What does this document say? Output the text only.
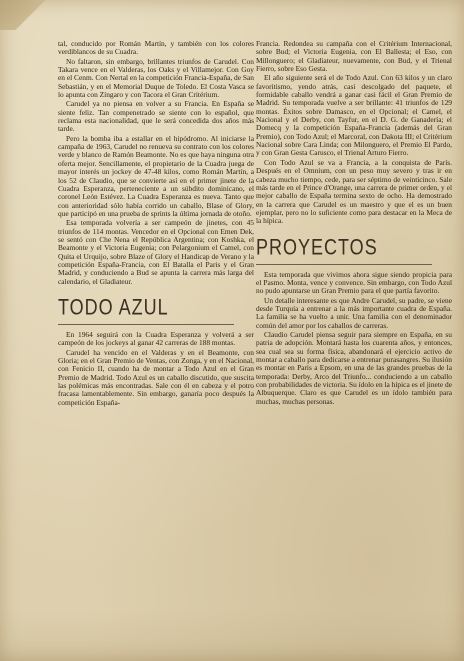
tal, conducido por Román Martín, y también con los colores verdiblancos de su Cuadra.

No faltaron, sin embargo, brillantes triunfos de Carudel. Con Takara vence en el Valderas, los Oaks y el Villamejor. Con Goy en el Cenm. Con Nertal en la competición Francia-España, de San Sebastián, y en el Memorial Duque de Toledo. El Costa Vasca se lo apunta con Zíngaro y con Tacora el Gran Critérium.

Carudel ya no piensa en volver a su Francia. En España se siente feliz. Tan compenetrado se siente con lo español, que reclama esta nacionalidad, que le será concedida dos años más tarde.

Pero la bomba iba a estallar en el hipódromo. Al iniciarse la campaña de 1963, Carudel no renueva su contrato con los colores verde y blanco de Ramón Beamonte. No es que haya ninguna otra oferta mejor. Sencillamente, el propietario de la Cuadra juega de mayor interés un jockey de 47-48 kilos, como Román Martín, a los 52 de Claudio, que se convierte así en el primer jinete de la Cuadra Esperanza, perteneciente a un súbdito dominicano, el coronel León Estévez. La Cuadra Esperanza es nueva. Tanto que con anterioridad sólo había corrido un caballo, Blase of Glory, que participó en una prueba de sprints la última jornada de otoño.

Esa temporada volvería a ser campeón de jinetes, con 45 triunfos de 114 montas. Vencedor en el Opcional con Emen Dek, se sentó con Che Nena el República Argentina; con Koshka, el Beamonte y el Victoria Eugenia; con Pelargonium el Camel, con Quita el Urquijo, sobre Blaze of Glory el Handicap de Verano y la competición España-Francia, con El Batalla el Paris y el Gran Madrid, y conduciendo a Bud se apunta la carrera más larga del calendario, el Gladiateur.

TODO AZUL

En 1964 seguirá con la Cuadra Esperanza y volverá a ser campeón de los jockeys al ganar 42 carreras de 188 montas.

Carudel ha vencido en el Valderas y en el Beamonte, con Gloria; en el Gran Premio de Ventas, con Zonga, y en el Nacional, con Fenicio II, cuando ha de montar a Todo Azul en el Gran Premio de Madrid. Todo Azul es un caballo discutido, que suscita las polémicas más encontradas. Sale con él en cabeza y el potro fracasa lamentablemente. Sin embargo, ganaría poco después la competición España-

Francia. Redondea su campaña con el Critérium Internacional, sobre Bud; el Victoria Eugenia, con El Ballesta; el Eso, con Millonguero; el Gladiateur, nuevamente, con Bud, y el Trienal Fierro, sobre Eso Gesta.

El año siguiente será el de Todo Azul. Con 63 kilos y un claro favoritismo, yendo atrás, casi descolgado del paquete, el formidable caballo vendrá a ganar casi fácil el Gran Premio de Madrid. Su temporada vuelve a ser brillante: 41 triunfos de 129 montas. Éxitos sobre Damasco, en el Opcional; el Camel, el Nacional y el Derby, con Tayfur, en el D. G. de Ganadería; el Domecq y la competición España-Francia (además del Gran Premio), con Todo Azul; el Marcoral, con Dakota III; el Critérium Nacional sobre Cara Linda; con Milonguero, el Premio El Pardo, y con Gran Gesta Carusco, el Trienal Arturo Fierro.

Con Todo Azul se va a Francia, a la conquista de París. Después en el Omnium, con un peso muy severo y tras ir en cabeza mucho tiempo, cede, para ser séptimo de veinticinco. Sale más tarde en el Prince d'Orange, una carrera de primer orden, y el mejor caballo de España termina sexto de ocho. Ha demostrado en la carrera que Carudel es un maestro y que el es un buen ejemplar, pero no lo suficiente como para destacar en la Meca de la hípica.

PROYECTOS

Esta temporada que vivimos ahora sigue siendo propicia para el Pasmo. Monta, vence y convence. Sin embargo, con Todo Azul no pudo apuntarse un Gran Premio para el que partía favorito.

Un detalle interesante es que Andre Carudel, su padre, se viene desde Turquía a entrenar a la más importante cuadra de España. La familia se ha vuelto a unir. Una familia con el denominador común del amor por los caballos de carreras.

Claudio Carudel piensa seguir para siempre en España, en su patria de adopción. Montará hasta los cuarenta años, y entonces, sea cual sea su forma física, abandonará el ejercicio activo de montar a caballo para dedicarse a entrenar purasangres. Su ilusión es montar en Paris a Epsom, en una de las grandes pruebas de la temporada: Derby, Arco del Triunfo... conduciendo a un caballo con probabilidades de victoria. Su ídolo en la hípica es el jinete de Albuquerque. Claro es que Carudel es un ídolo también para muchas, muchas personas.
